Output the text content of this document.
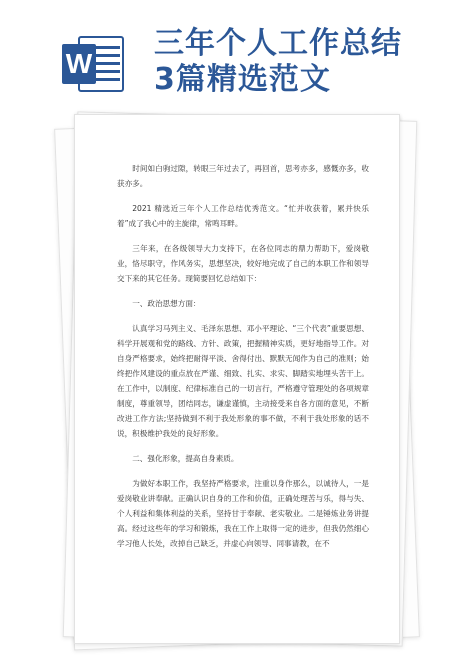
W
三年个人工作总结
3篇精选范文

时间如白驹过隙，转眼三年过去了，再回首，思考亦多，感慨亦多，收获亦多。

2021 精选近三年个人工作总结优秀范文。“忙并收获着，累并快乐着”成了我心中的主旋律，常鸣耳畔。

三年来，在各级领导大力支持下，在各位同志的鼎力帮助下，爱岗敬业，恪尽职守，作风务实，思想坚决，较好地完成了自己的本职工作和领导交下来的其它任务。现简要回忆总结如下：

一、政治思想方面：

认真学习马列主义、毛泽东思想、邓小平理论、“三个代表”重要思想、科学开展观和党的路线、方针、政策，把握精神实质，更好地指导工作。对自身严格要求，始终把耐得平淡、舍得付出、默默无闻作为自己的准则；始终把作风建设的重点放在严谨、细致、扎实、求实、脚踏实地埋头苦干上。在工作中，以制度、纪律标准自己的一切言行，严格遵守管理处的各项规章制度，尊重领导，团结同志，谦虚谨慎，主动接受来自各方面的意见，不断改进工作方法;坚持做到不利于我处形象的事不做，不利于我处形象的话不说，积极维护我处的良好形象。

二、强化形象，提高自身素质。

为做好本职工作，我坚持严格要求，注重以身作那么，以诚待人，一是爱岗敬业讲奉献。正确认识自身的工作和价值，正确处理苦与乐，得与失、个人利益和集体利益的关系，坚持甘于奉献、老实敬业。二是锤炼业务讲提高。经过这些年的学习和锻炼，我在工作上取得一定的进步，但我仍然细心学习他人长处，改掉自己缺乏，并虚心向领导、同事请教，在不
